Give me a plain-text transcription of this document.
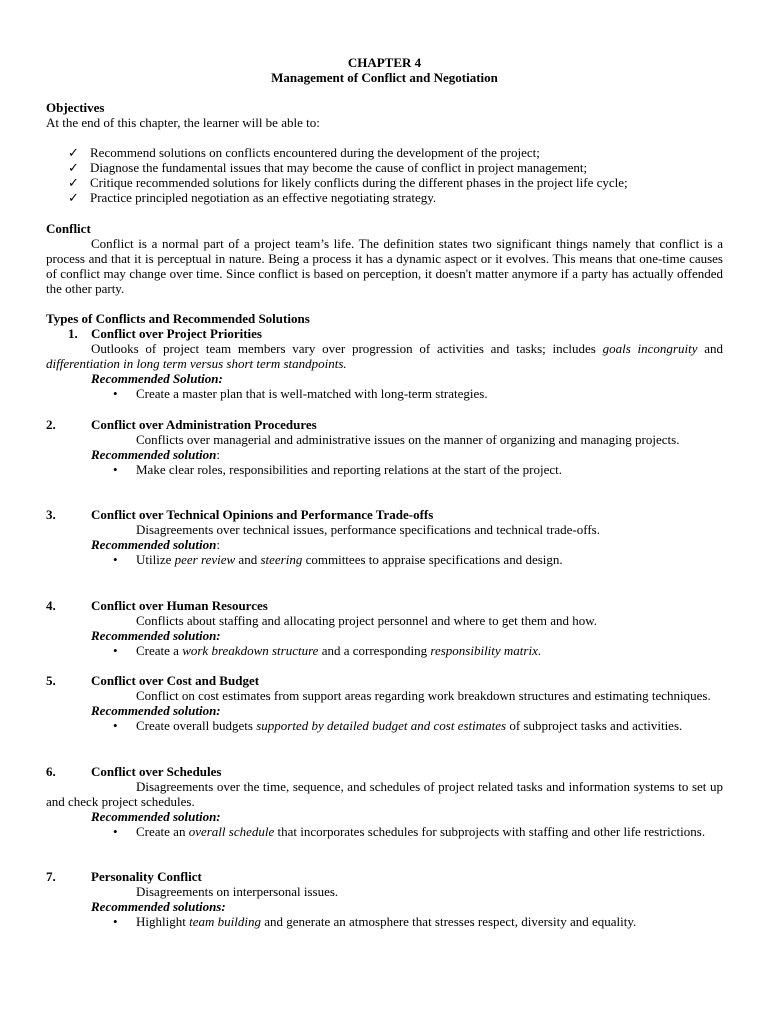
CHAPTER 4
Management of Conflict and Negotiation
Objectives
At the end of this chapter, the learner will be able to:
✓ Recommend solutions on conflicts encountered during the development of the project;
✓ Diagnose the fundamental issues that may become the cause of conflict in project management;
✓ Critique recommended solutions for likely conflicts during the different phases in the project life cycle;
✓ Practice principled negotiation as an effective negotiating strategy.
Conflict
Conflict is a normal part of a project team’s life. The definition states two significant things namely that conflict is a process and that it is perceptual in nature. Being a process it has a dynamic aspect or it evolves. This means that one-time causes of conflict may change over time. Since conflict is based on perception, it doesn't matter anymore if a party has actually offended the other party.
Types of Conflicts and Recommended Solutions
1. Conflict over Project Priorities
Outlooks of project team members vary over progression of activities and tasks; includes goals incongruity and differentiation in long term versus short term standpoints.
Recommended Solution:
• Create a master plan that is well-matched with long-term strategies.
2.	Conflict over Administration Procedures
Conflicts over managerial and administrative issues on the manner of organizing and managing projects.
Recommended solution:
• Make clear roles, responsibilities and reporting relations at the start of the project.
3.	Conflict over Technical Opinions and Performance Trade-offs
Disagreements over technical issues, performance specifications and technical trade-offs.
Recommended solution:
• Utilize peer review and steering committees to appraise specifications and design.
4.	Conflict over Human Resources
Conflicts about staffing and allocating project personnel and where to get them and how.
Recommended solution:
• Create a work breakdown structure and a corresponding responsibility matrix.
5.	Conflict over Cost and Budget
Conflict on cost estimates from support areas regarding work breakdown structures and estimating techniques.
Recommended solution:
• Create overall budgets supported by detailed budget and cost estimates of subproject tasks and activities.
6.	Conflict over Schedules
Disagreements over the time, sequence, and schedules of project related tasks and information systems to set up and check project schedules.
Recommended solution:
• Create an overall schedule that incorporates schedules for subprojects with staffing and other life restrictions.
7.	Personality Conflict
Disagreements on interpersonal issues.
Recommended solutions:
• Highlight team building and generate an atmosphere that stresses respect, diversity and equality.
